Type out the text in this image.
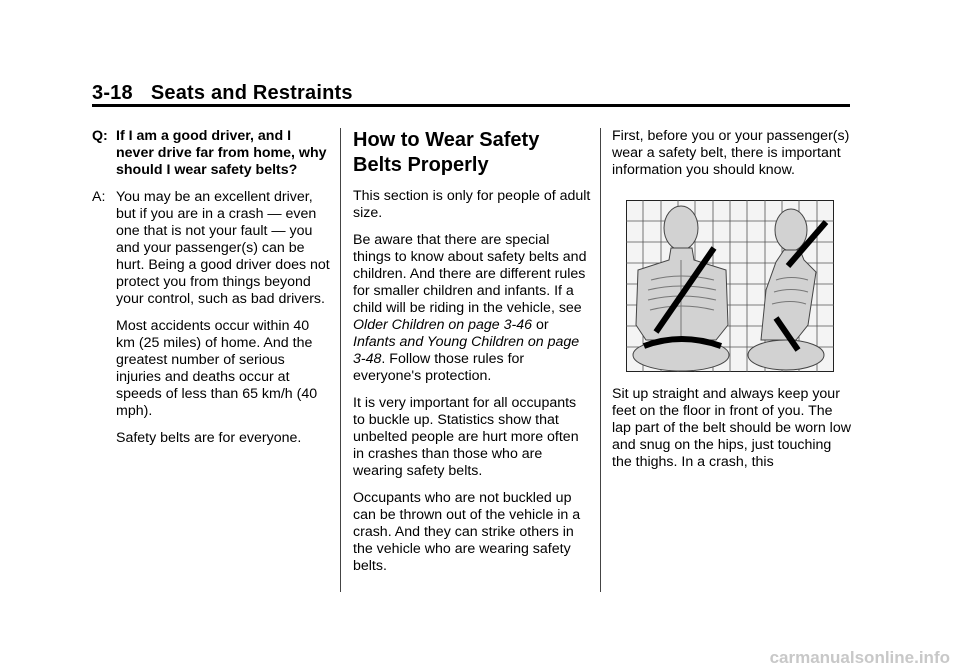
3-18 Seats and Restraints
Q: If I am a good driver, and I never drive far from home, why should I wear safety belts?
A: You may be an excellent driver, but if you are in a crash — even one that is not your fault — you and your passenger(s) can be hurt. Being a good driver does not protect you from things beyond your control, such as bad drivers.

Most accidents occur within 40 km (25 miles) of home. And the greatest number of serious injuries and deaths occur at speeds of less than 65 km/h (40 mph).

Safety belts are for everyone.

How to Wear Safety Belts Properly

This section is only for people of adult size.

Be aware that there are special things to know about safety belts and children. And there are different rules for smaller children and infants. If a child will be riding in the vehicle, see Older Children on page 3-46 or Infants and Young Children on page 3-48. Follow those rules for everyone's protection.

It is very important for all occupants to buckle up. Statistics show that unbelted people are hurt more often in crashes than those who are wearing safety belts.

Occupants who are not buckled up can be thrown out of the vehicle in a crash. And they can strike others in the vehicle who are wearing safety belts.

First, before you or your passenger(s) wear a safety belt, there is important information you should know.

Sit up straight and always keep your feet on the floor in front of you. The lap part of the belt should be worn low and snug on the hips, just touching the thighs. In a crash, this

carmanualsonline.info
